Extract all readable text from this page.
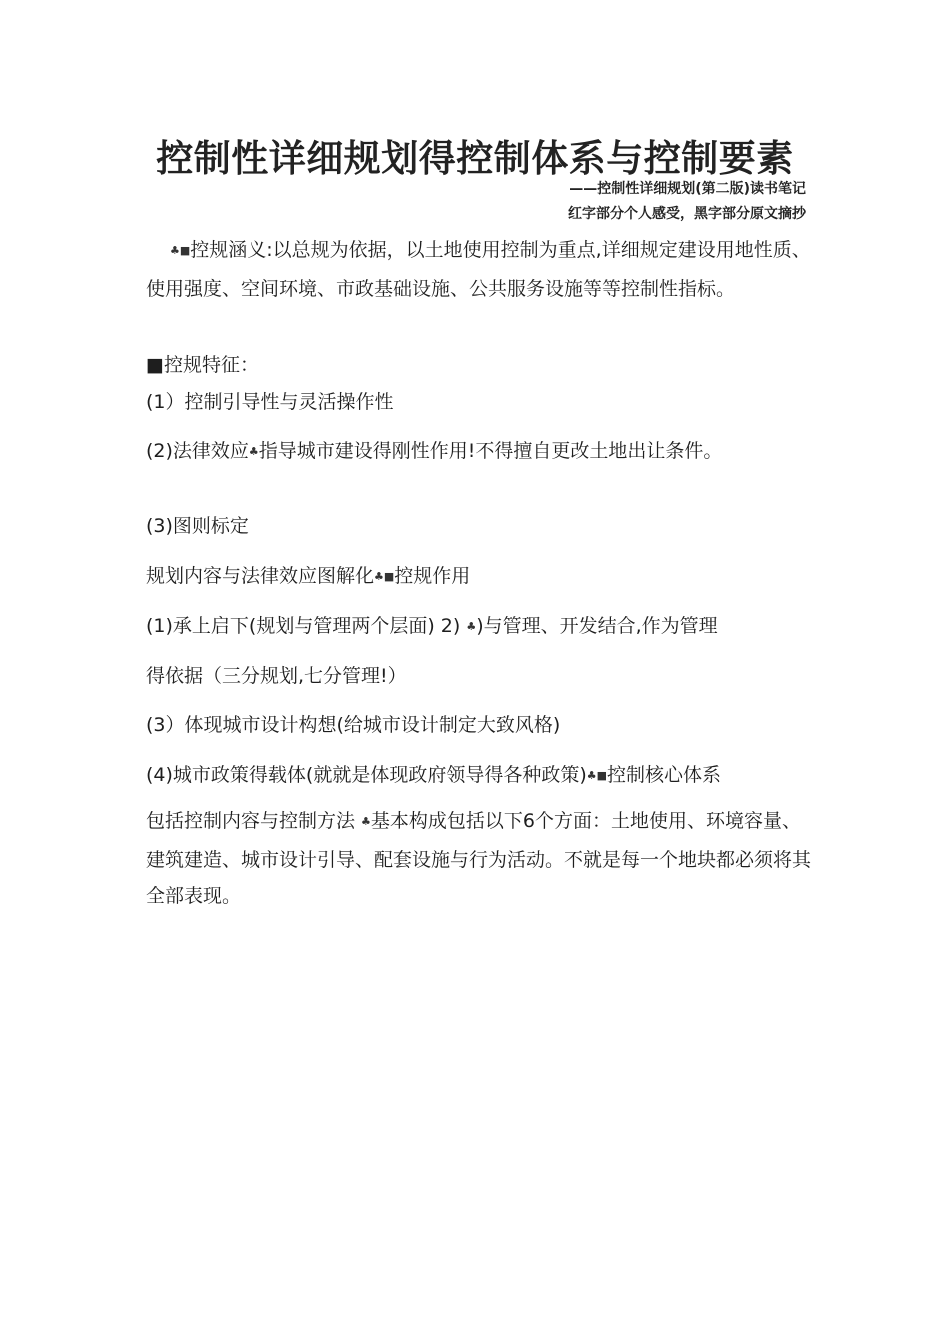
控制性详细规划得控制体系与控制要素
——控制性详细规划(第二版)读书笔记
红字部分个人感受，黑字部分原文摘抄

♣■控规涵义:以总规为依据，以土地使用控制为重点,详细规定建设用地性质、使用强度、空间环境、市政基础设施、公共服务设施等等控制性指标。

■控规特征：

(1）控制引导性与灵活操作性

(2)法律效应♣指导城市建设得刚性作用!不得擅自更改土地出让条件。

(3)图则标定

规划内容与法律效应图解化♣■控规作用

(1)承上启下(规划与管理两个层面) 2) ♣)与管理、开发结合,作为管理

得依据（三分规划,七分管理!）

(3）体现城市设计构想(给城市设计制定大致风格)

(4)城市政策得载体(就就是体现政府领导得各种政策)♣■控制核心体系

包括控制内容与控制方法 ♣基本构成包括以下6个方面：土地使用、环境容量、建筑建造、城市设计引导、配套设施与行为活动。不就是每一个地块都必须将其全部表现。
